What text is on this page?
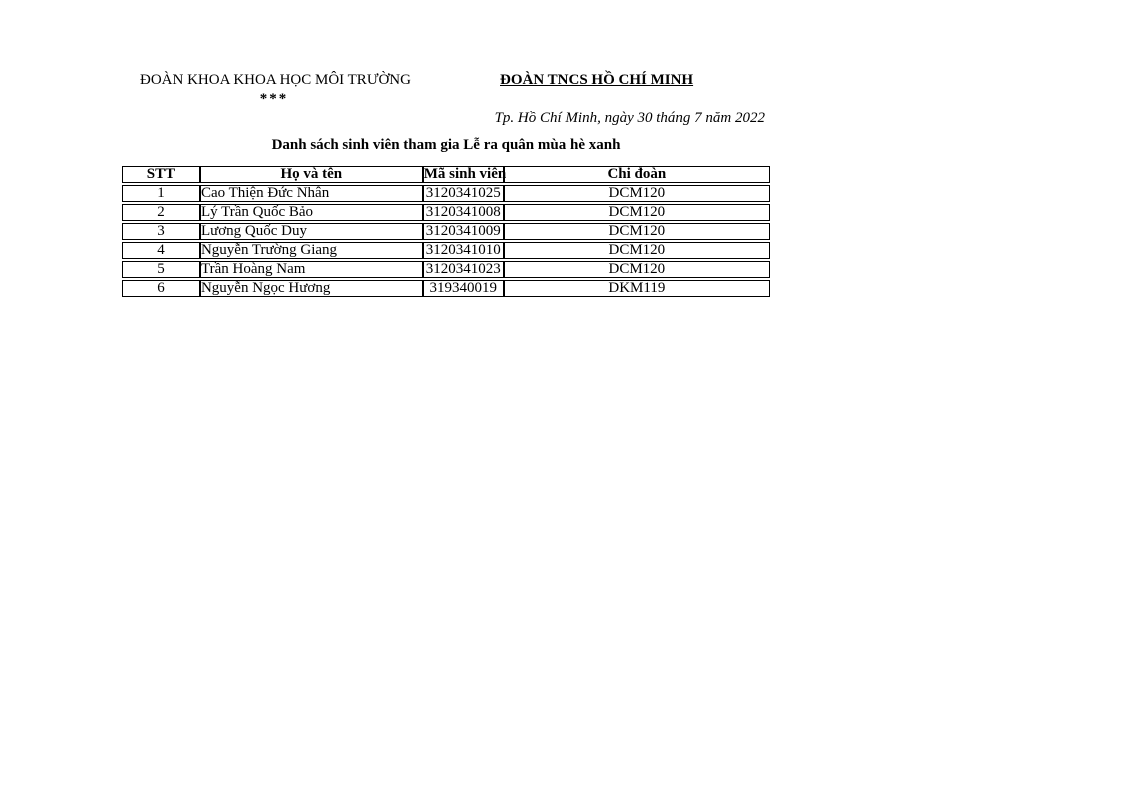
ĐOÀN KHOA KHOA HỌC MÔI TRƯỜNG
***
ĐOÀN TNCS HỒ CHÍ MINH
Tp. Hồ Chí Minh, ngày 30 tháng 7 năm 2022
Danh sách sinh viên tham gia Lễ ra quân mùa hè xanh
STT	Họ và tên	Mã sinh viên	Chi đoàn
1	Cao Thiện Đức Nhân	3120341025	DCM120
2	Lý Trần Quốc Bảo	3120341008	DCM120
3	Lương Quốc Duy	3120341009	DCM120
4	Nguyễn Trường Giang	3120341010	DCM120
5	Trần Hoàng Nam	3120341023	DCM120
6	Nguyễn Ngọc Hương	319340019	DKM119
